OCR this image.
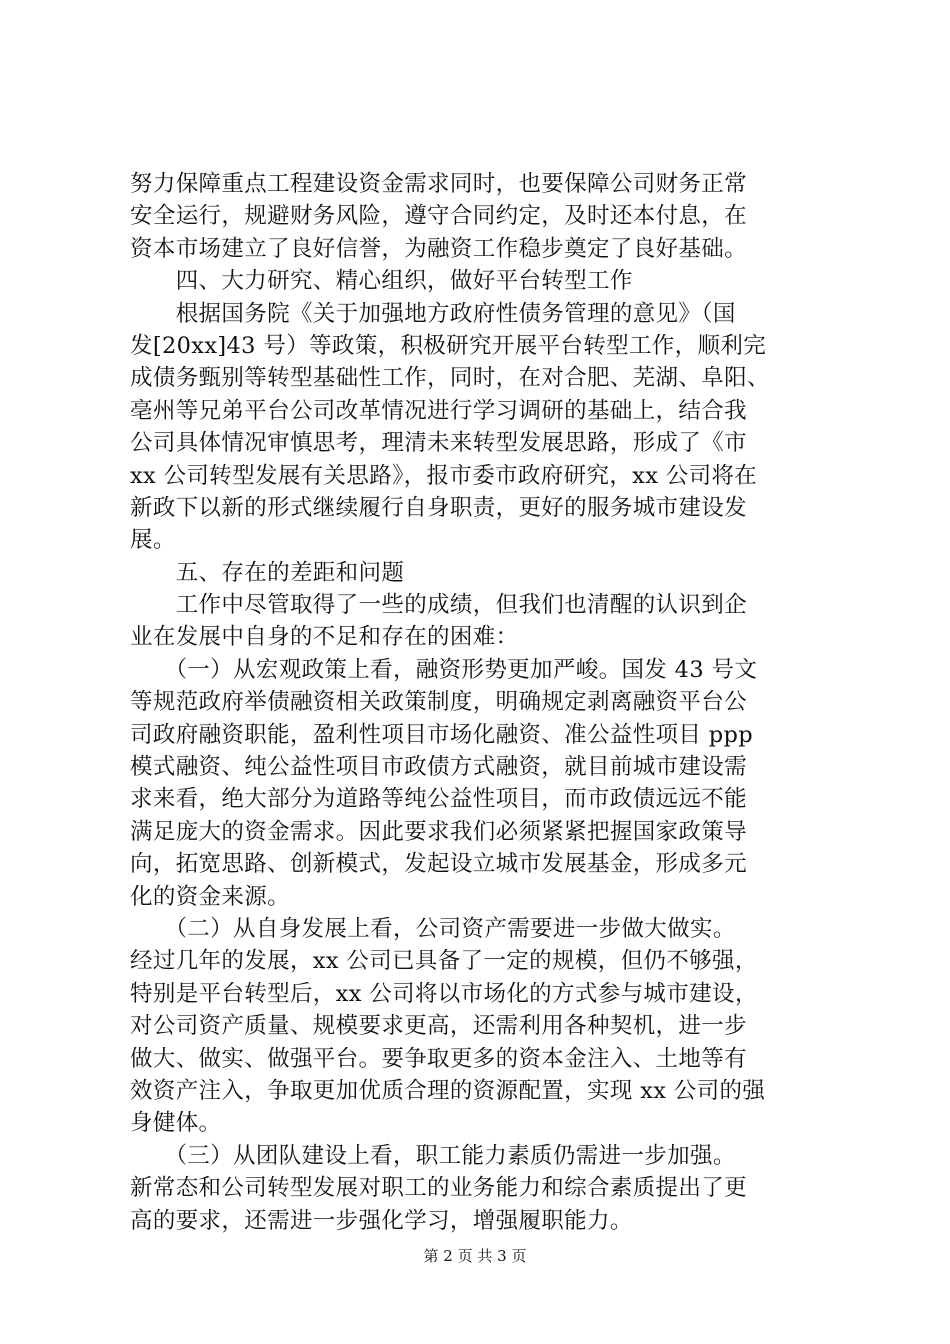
努力保障重点工程建设资金需求同时，也要保障公司财务正常
安全运行，规避财务风险，遵守合同约定，及时还本付息，在
资本市场建立了良好信誉，为融资工作稳步奠定了良好基础。
　　四、大力研究、精心组织，做好平台转型工作
　　根据国务院《关于加强地方政府性债务管理的意见》（国
发[20xx]43 号）等政策，积极研究开展平台转型工作，顺利完
成债务甄别等转型基础性工作，同时，在对合肥、芜湖、阜阳、
亳州等兄弟平台公司改革情况进行学习调研的基础上，结合我
公司具体情况审慎思考，理清未来转型发展思路，形成了《市
xx 公司转型发展有关思路》，报市委市政府研究，xx 公司将在
新政下以新的形式继续履行自身职责，更好的服务城市建设发
展。
　　五、存在的差距和问题
　　工作中尽管取得了一些的成绩，但我们也清醒的认识到企
业在发展中自身的不足和存在的困难：
　　（一）从宏观政策上看，融资形势更加严峻。国发 43 号文
等规范政府举债融资相关政策制度，明确规定剥离融资平台公
司政府融资职能，盈利性项目市场化融资、准公益性项目 ppp
模式融资、纯公益性项目市政债方式融资，就目前城市建设需
求来看，绝大部分为道路等纯公益性项目，而市政债远远不能
满足庞大的资金需求。因此要求我们必须紧紧把握国家政策导
向，拓宽思路、创新模式，发起设立城市发展基金，形成多元
化的资金来源。
　　（二）从自身发展上看，公司资产需要进一步做大做实。
经过几年的发展，xx 公司已具备了一定的规模，但仍不够强，
特别是平台转型后，xx 公司将以市场化的方式参与城市建设，
对公司资产质量、规模要求更高，还需利用各种契机，进一步
做大、做实、做强平台。要争取更多的资本金注入、土地等有
效资产注入，争取更加优质合理的资源配置，实现 xx 公司的强
身健体。
　　（三）从团队建设上看，职工能力素质仍需进一步加强。
新常态和公司转型发展对职工的业务能力和综合素质提出了更
高的要求，还需进一步强化学习，增强履职能力。
第 2 页 共 3 页
